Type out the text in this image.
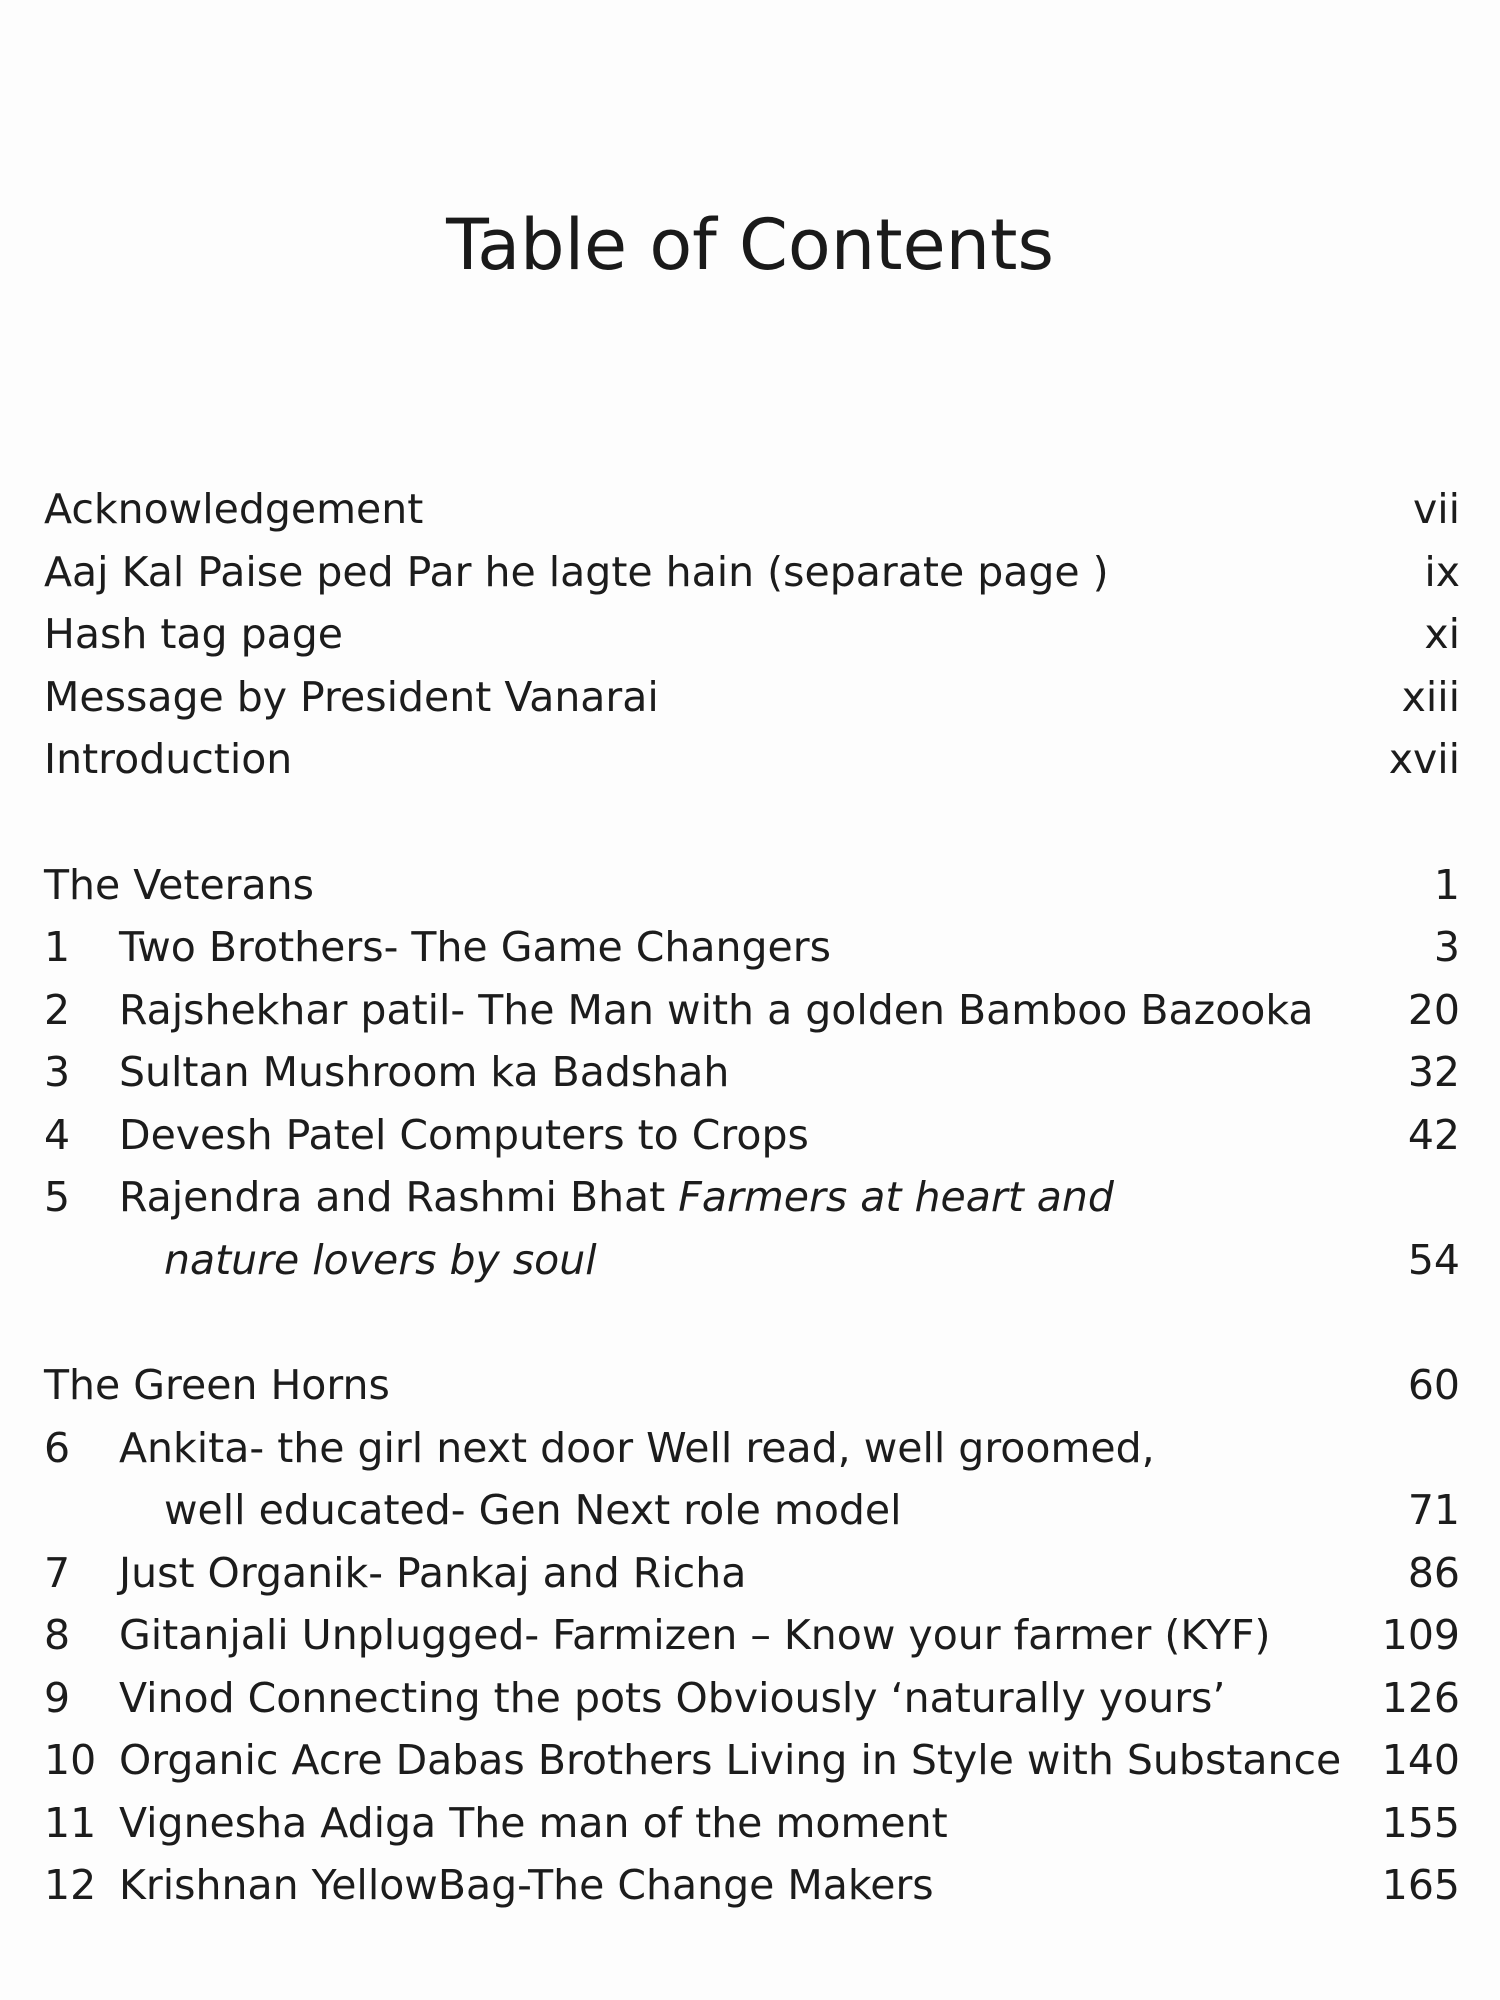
Table of Contents
Acknowledgement	vii
Aaj Kal Paise ped Par he lagte hain (separate page )	ix
Hash tag page	xi
Message by President Vanarai	xiii
Introduction	xvii
The Veterans	1
1	Two Brothers- The Game Changers	3
2	Rajshekhar patil- The Man with a golden Bamboo Bazooka 20
3	Sultan Mushroom ka Badshah	32
4	Devesh Patel Computers to Crops	42
5	Rajendra and Rashmi Bhat Farmers at heart and
nature lovers by soul	54
The Green Horns	60
6	Ankita- the girl next door Well read, well groomed,
well educated- Gen Next role model	71
7	Just Organik- Pankaj and Richa	86
8	Gitanjali Unplugged- Farmizen – Know your farmer (KYF)	109
9	Vinod Connecting the pots Obviously ‘naturally yours’	126
10 Organic Acre Dabas Brothers Living in Style with Substance 140
11 Vignesha Adiga The man of the moment	155
12 Krishnan YellowBag-The Change Makers	165
